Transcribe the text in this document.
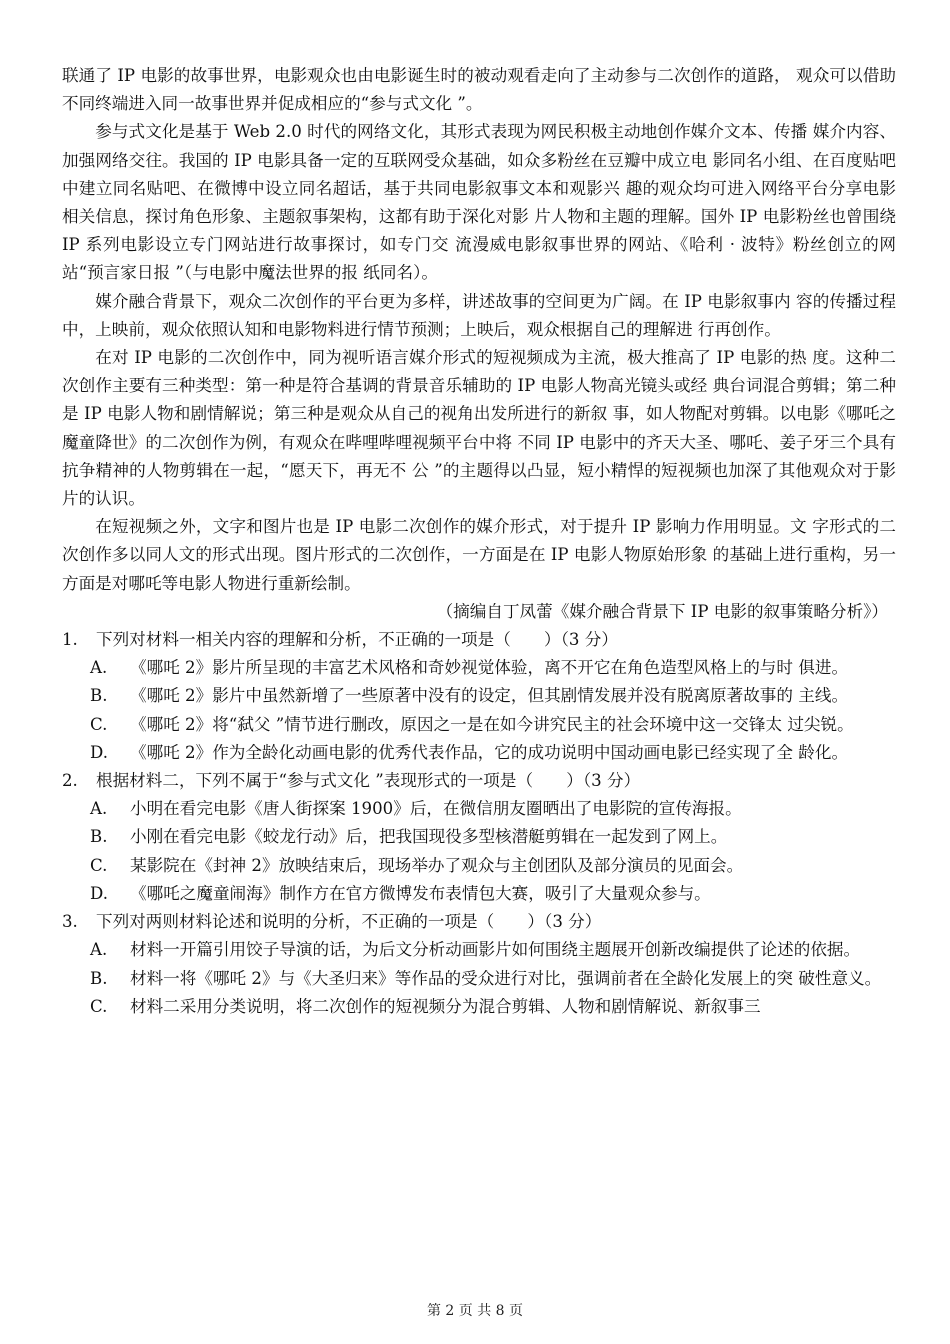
联通了 IP 电影的故事世界，电影观众也由电影诞生时的被动观看走向了主动参与二次创作的道路， 观众可以借助不同终端进入同一故事世界并促成相应的“参与式文化 ”。

参与式文化是基于 Web 2.0 时代的网络文化，其形式表现为网民积极主动地创作媒介文本、传播 媒介内容、加强网络交往。我国的 IP 电影具备一定的互联网受众基础，如众多粉丝在豆瓣中成立电 影同名小组、在百度贴吧中建立同名贴吧、在微博中设立同名超话，基于共同电影叙事文本和观影兴 趣的观众均可进入网络平台分享电影相关信息，探讨角色形象、主题叙事架构，这都有助于深化对影 片人物和主题的理解。国外 IP 电影粉丝也曾围绕 IP 系列电影设立专门网站进行故事探讨，如专门交 流漫威电影叙事世界的网站、《哈利 · 波特》粉丝创立的网站“预言家日报 ”（与电影中魔法世界的报 纸同名）。

媒介融合背景下，观众二次创作的平台更为多样，讲述故事的空间更为广阔。在 IP 电影叙事内 容的传播过程中，上映前，观众依照认知和电影物料进行情节预测；上映后，观众根据自己的理解进 行再创作。

在对 IP 电影的二次创作中，同为视听语言媒介形式的短视频成为主流，极大推高了 IP 电影的热 度。这种二次创作主要有三种类型：第一种是符合基调的背景音乐辅助的 IP 电影人物高光镜头或经 典台词混合剪辑；第二种是 IP 电影人物和剧情解说；第三种是观众从自己的视角出发所进行的新叙 事，如人物配对剪辑。以电影《哪吒之魔童降世》的二次创作为例，有观众在哔哩哔哩视频平台中将 不同 IP 电影中的齐天大圣、哪吒、姜子牙三个具有抗争精神的人物剪辑在一起，“愿天下，再无不 公 ”的主题得以凸显，短小精悍的短视频也加深了其他观众对于影片的认识。

在短视频之外，文字和图片也是 IP 电影二次创作的媒介形式，对于提升 IP 影响力作用明显。文 字形式的二次创作多以同人文的形式出现。图片形式的二次创作，一方面是在 IP 电影人物原始形象 的基础上进行重构，另一方面是对哪吒等电影人物进行重新绘制。

（摘编自丁凤蕾《媒介融合背景下 IP 电影的叙事策略分析》）

1.	下列对材料一相关内容的理解和分析，不正确的一项是（　　）（3 分）
A.	《哪吒 2》影片所呈现的丰富艺术风格和奇妙视觉体验，离不开它在角色造型风格上的与时 俱进。
B.	《哪吒 2》影片中虽然新增了一些原著中没有的设定，但其剧情发展并没有脱离原著故事的 主线。
C.	《哪吒 2》将“弑父 ”情节进行删改，原因之一是在如今讲究民主的社会环境中这一交锋太 过尖锐。
D.	《哪吒 2》作为全龄化动画电影的优秀代表作品，它的成功说明中国动画电影已经实现了全 龄化。
2.	根据材料二，下列不属于“参与式文化 ”表现形式的一项是（　　）（3 分）
A.	小明在看完电影《唐人街探案 1900》后，在微信朋友圈晒出了电影院的宣传海报。
B.	小刚在看完电影《蛟龙行动》后，把我国现役多型核潜艇剪辑在一起发到了网上。
C.	某影院在《封神 2》放映结束后，现场举办了观众与主创团队及部分演员的见面会。
D.	《哪吒之魔童闹海》制作方在官方微博发布表情包大赛，吸引了大量观众参与。
3.	下列对两则材料论述和说明的分析，不正确的一项是（　　）（3 分）
A.	材料一开篇引用饺子导演的话，为后文分析动画影片如何围绕主题展开创新改编提供了论述的依据。
B.	材料一将《哪吒 2》与《大圣归来》等作品的受众进行对比，强调前者在全龄化发展上的突 破性意义。
C.	材料二采用分类说明，将二次创作的短视频分为混合剪辑、人物和剧情解说、新叙事三
第 2 页 共 8 页
